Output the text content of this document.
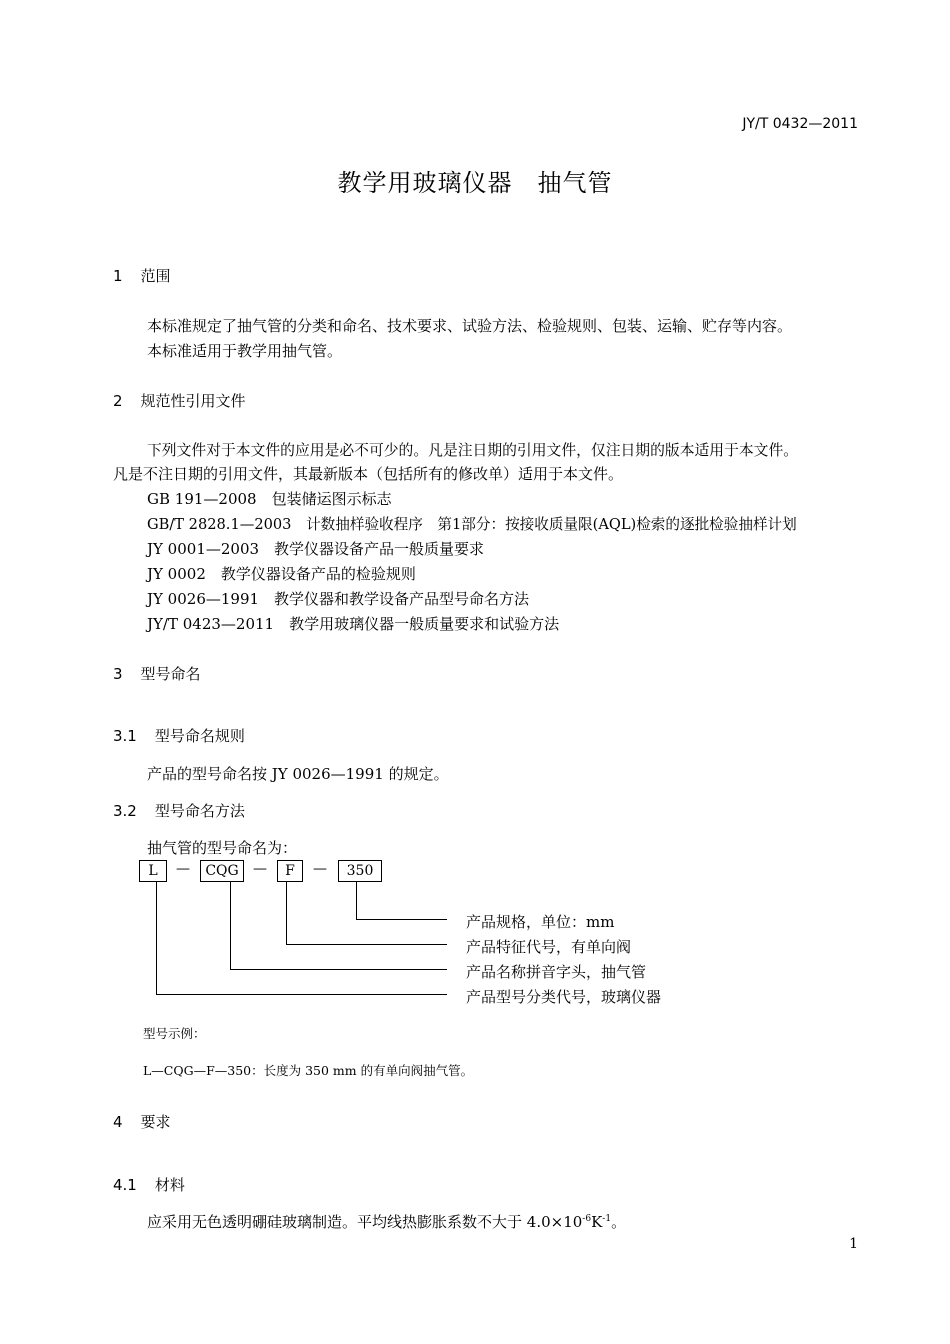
JY/T 0432—2011
教学用玻璃仪器　抽气管
1 范围
本标准规定了抽气管的分类和命名、技术要求、试验方法、检验规则、包装、运输、贮存等内容。
本标准适用于教学用抽气管。
2 规范性引用文件
下列文件对于本文件的应用是必不可少的。凡是注日期的引用文件，仅注日期的版本适用于本文件。
凡是不注日期的引用文件，其最新版本（包括所有的修改单）适用于本文件。
GB 191—2008　包装储运图示标志
GB/T 2828.1—2003　计数抽样验收程序　第1部分：按接收质量限(AQL)检索的逐批检验抽样计划
JY 0001—2003　教学仪器设备产品一般质量要求
JY 0002　教学仪器设备产品的检验规则
JY 0026—1991　教学仪器和教学设备产品型号命名方法
JY/T 0423—2011　教学用玻璃仪器一般质量要求和试验方法
3 型号命名
3.1 型号命名规则
产品的型号命名按 JY 0026—1991 的规定。
3.2 型号命名方法
抽气管的型号命名为：
L	—	CQG	—	F	—	350
产品规格，单位：mm
产品特征代号，有单向阀
产品名称拼音字头，抽气管
产品型号分类代号，玻璃仪器
型号示例：
L—CQG—F—350：长度为 350 mm 的有单向阀抽气管。
4 要求
4.1 材料
应采用无色透明硼硅玻璃制造。平均线热膨胀系数不大于 $4.0\times 10^{-6}K^{-1}$。
1
